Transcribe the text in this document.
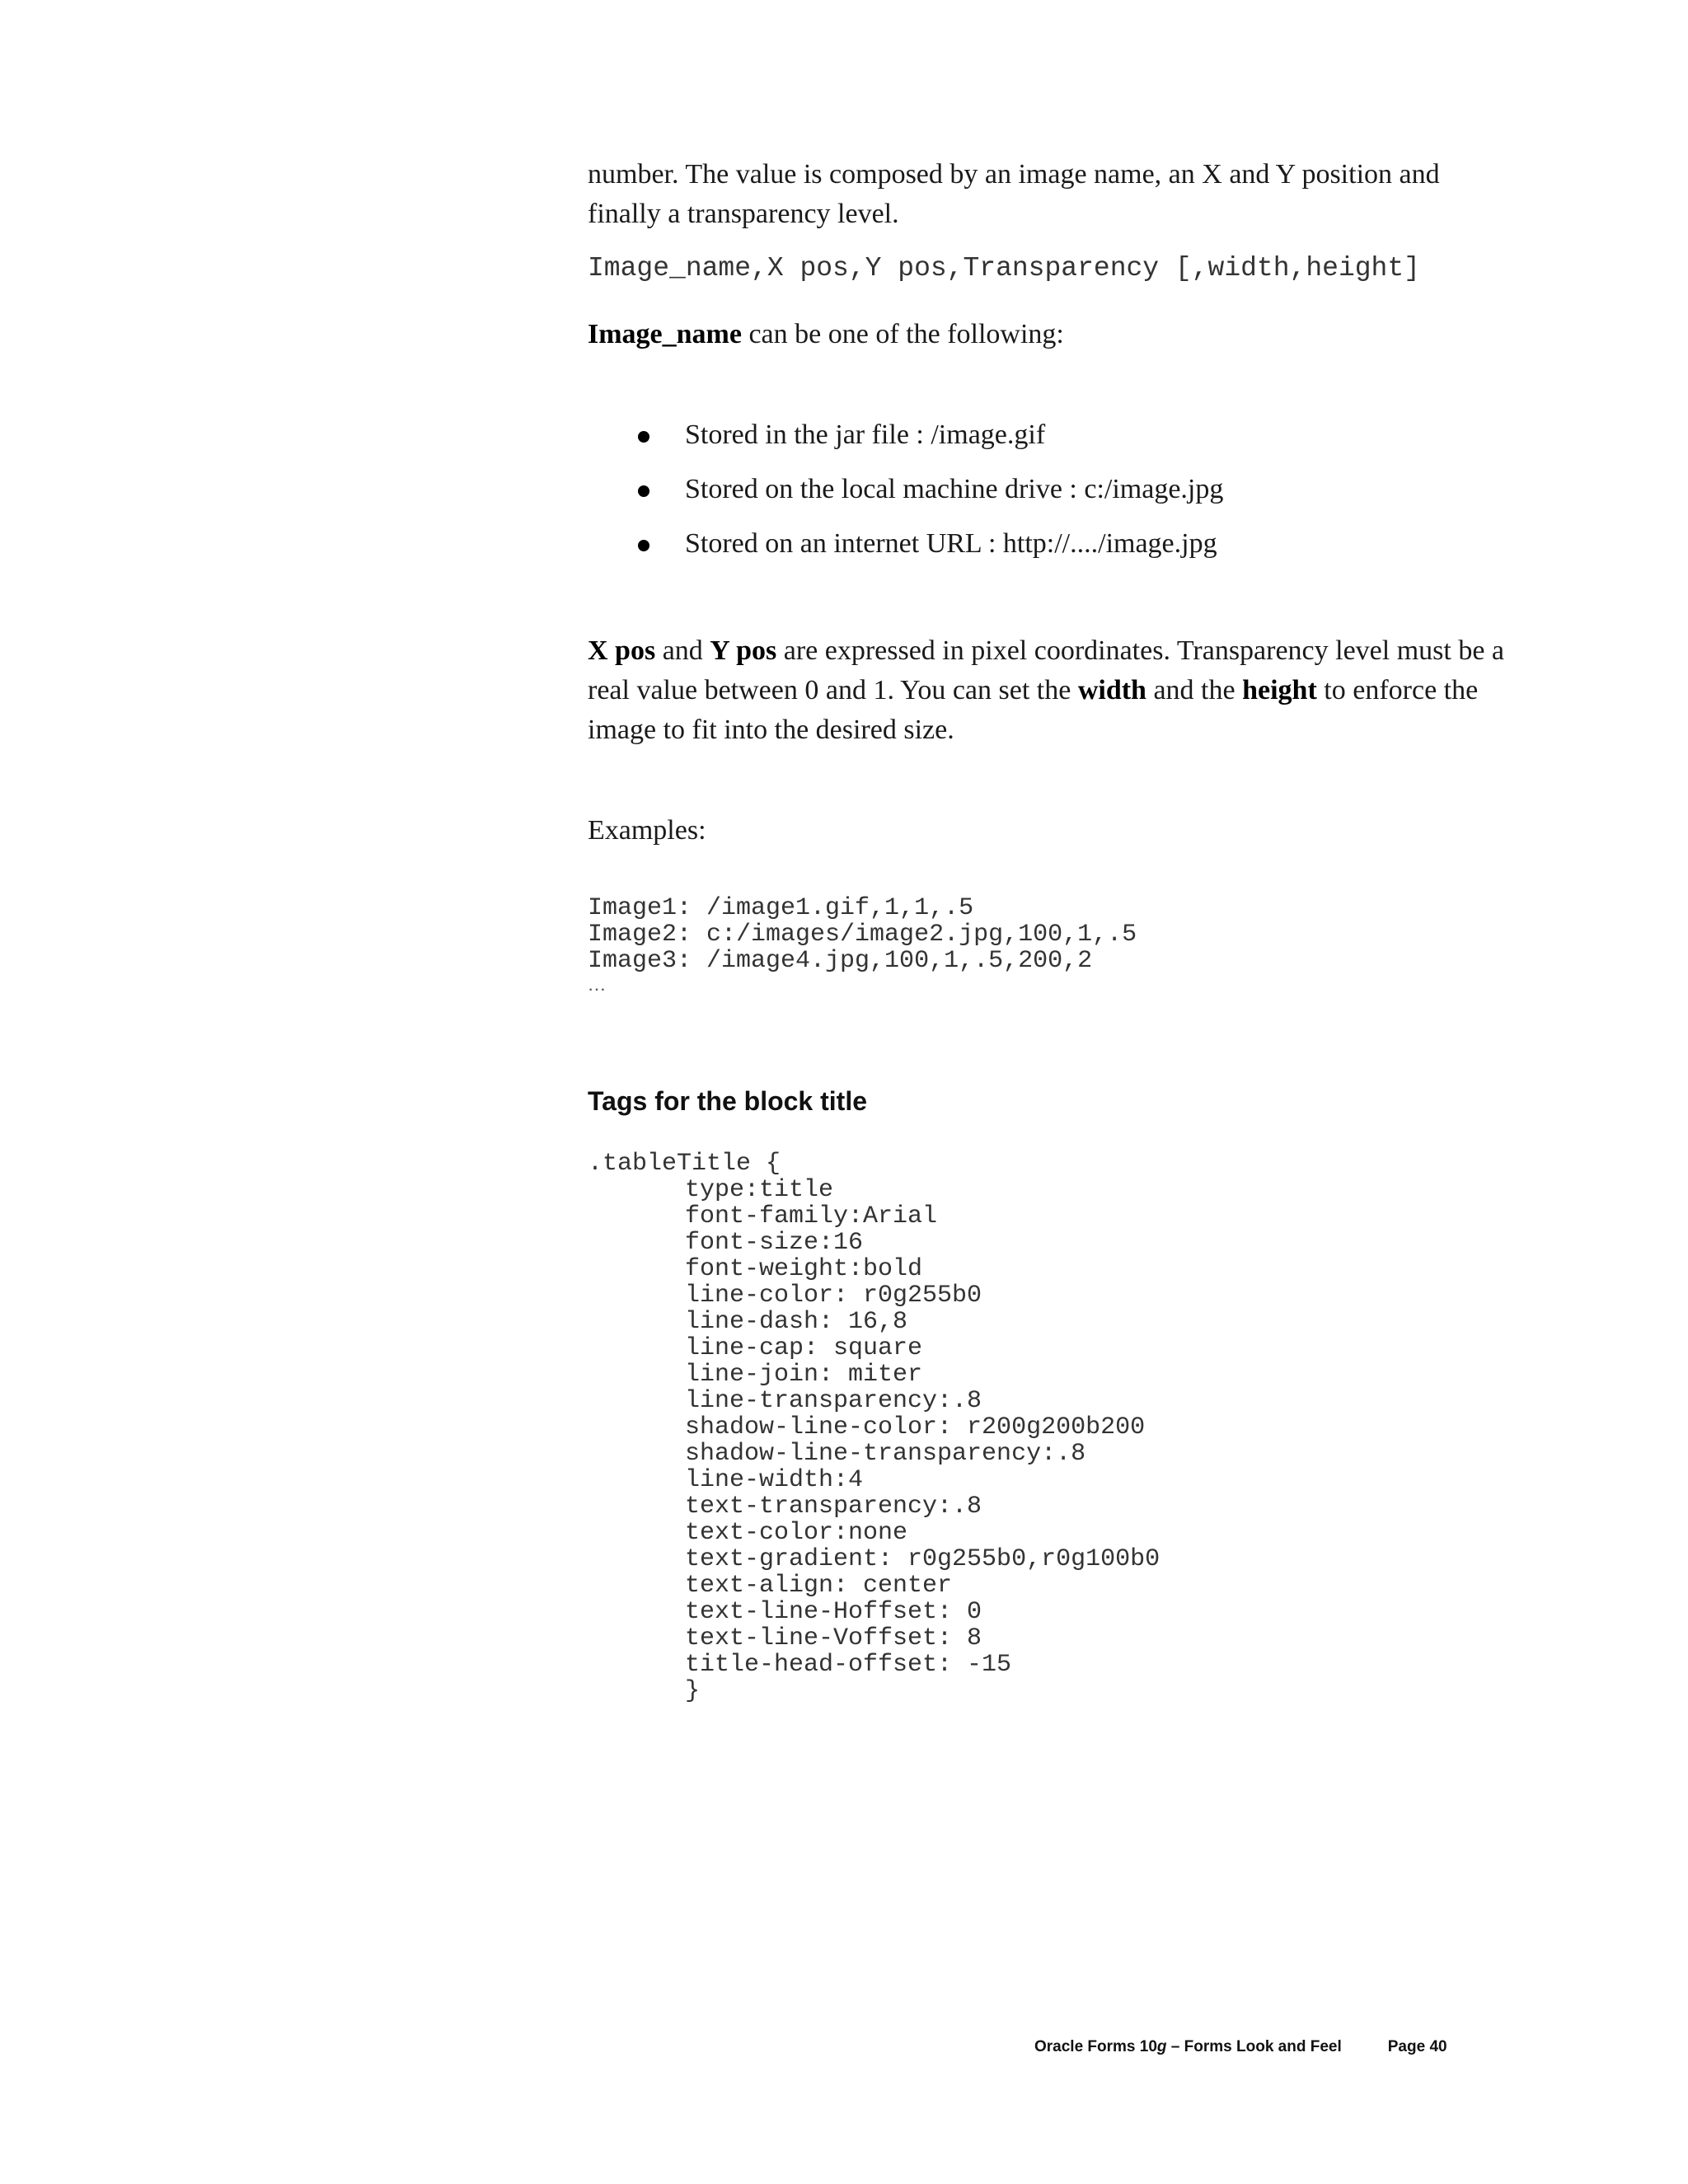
number. The value is composed by an image name, an X and Y position and
finally a transparency level.

Image_name,X pos,Y pos,Transparency [,width,height]

Image_name can be one of the following:

Stored in the jar file : /image.gif
Stored on the local machine drive : c:/image.jpg
Stored on an internet URL : http://..../image.jpg

X pos and Y pos are expressed in pixel coordinates. Transparency level must be a real value between 0 and 1. You can set the width and the height to enforce the image to fit into the desired size.

Examples:

Image1: /image1.gif,1,1,.5

Image2: c:/images/image2.jpg,100,1,.5

Image3: /image4.jpg,100,1,.5,200,2

…

Tags for the block title

.tableTitle {

type:title

font-family:Arial

font-size:16

font-weight:bold

line-color: r0g255b0

line-dash: 16,8

line-cap: square

line-join: miter

line-transparency:.8

shadow-line-color: r200g200b200

shadow-line-transparency:.8

line-width:4

text-transparency:.8

text-color:none

text-gradient: r0g255b0,r0g100b0

text-align: center

text-line-Hoffset: 0

text-line-Voffset: 8

title-head-offset: -15

}

Oracle Forms 10g – Forms Look and Feel	Page 40
